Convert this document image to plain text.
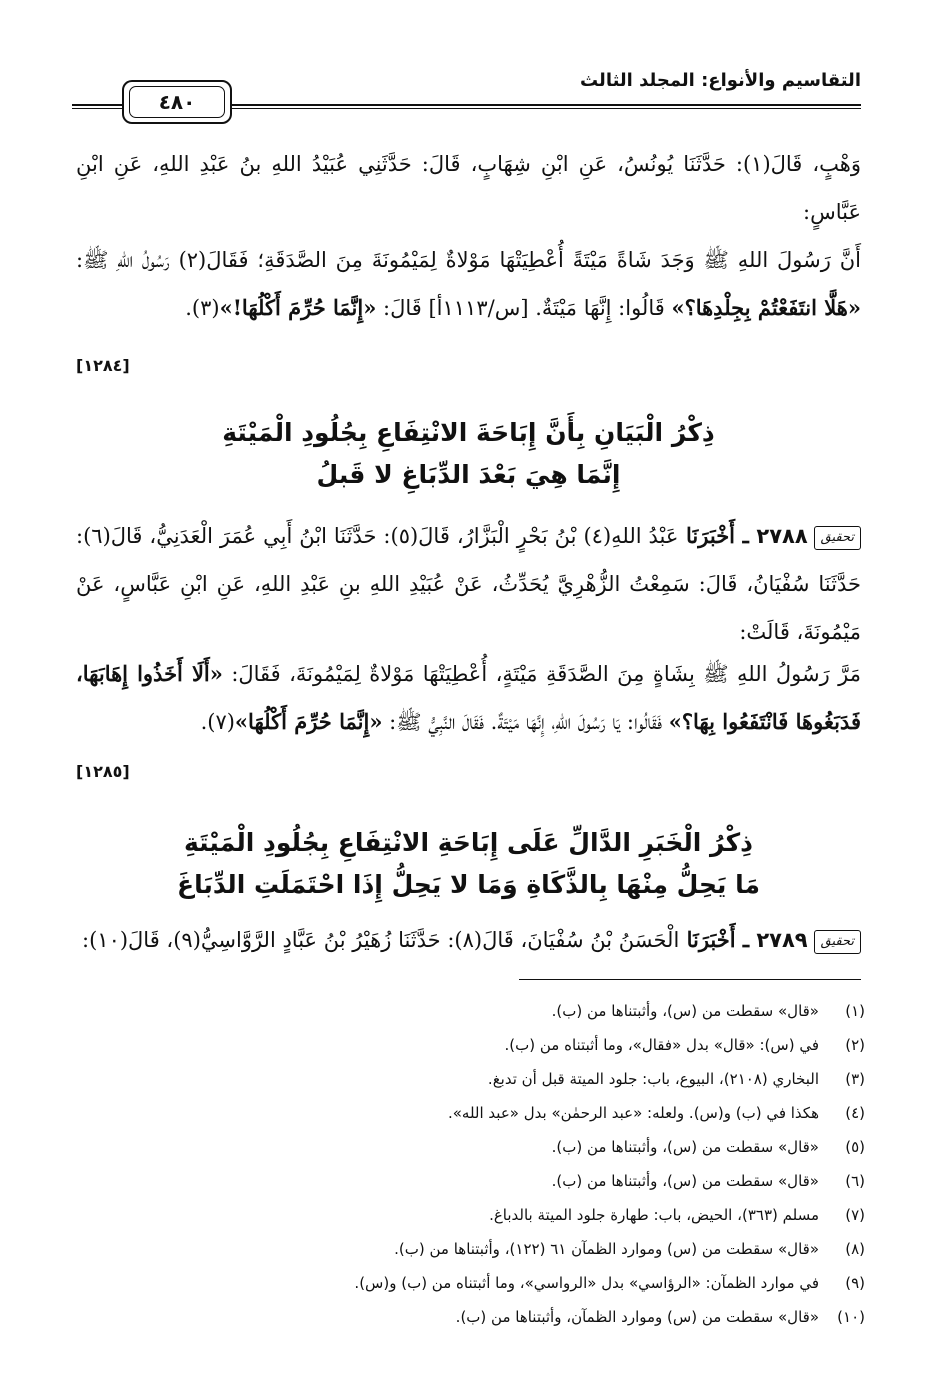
التقاسيم والأنواع: المجلد الثالث
٤٨٠
وَهْبٍ، قَالَ(١): حَدَّثَنَا يُونُسُ، عَنِ ابْنِ شِهَابٍ، قَالَ: حَدَّثَنِي عُبَيْدُ اللهِ بنُ عَبْدِ اللهِ، عَنِ ابْنِ عَبَّاسٍ:
أَنَّ رَسُولَ اللهِ ﷺ وَجَدَ شَاةً مَيْتَةً أُعْطِيَتْهَا مَوْلاةٌ لِمَيْمُونَةَ مِنَ الصَّدَقَةِ؛ فَقَالَ(٢) رَسُولُ اللهِ ﷺ: «هَلَّا انتَفَعْتُمْ بِجِلْدِهَا؟» قَالُوا: إِنَّهَا مَيْتَةٌ. [س/١١١٣أ] قَالَ: «إِنَّمَا حُرِّمَ أَكْلُهَا!»(٣).
[١٢٨٤]
ذِكْرُ الْبَيَانِ بِأَنَّ إِبَاحَةَ الانْتِفَاعِ بِجُلُودِ الْمَيْتَةِ
إِنَّمَا هِيَ بَعْدَ الدِّبَاغِ لا قَبلُ
تحقيق٢٧٨٨ ـ أَخْبَرَنَا عَبْدُ اللهِ(٤) بْنُ بَحْرٍ الْبَزَّارُ، قَالَ(٥): حَدَّثَنَا ابْنُ أَبِي عُمَرَ الْعَدَنِيُّ، قَالَ(٦): حَدَّثَنَا سُفْيَانُ، قَالَ: سَمِعْتُ الزُّهْرِيَّ يُحَدِّثُ، عَنْ عُبَيْدِ اللهِ بنِ عَبْدِ اللهِ، عَنِ ابْنِ عَبَّاسٍ، عَنْ مَيْمُونَةَ، قَالَتْ:
مَرَّ رَسُولُ اللهِ ﷺ بِشَاةٍ مِنَ الصَّدَقَةِ مَيْتَةٍ، أُعْطِيَتْهَا مَوْلاةٌ لِمَيْمُونَةَ، فَقَالَ: «أَلَا أَخَذُوا إِهَابَهَا، فَدَبَغُوهَا فَانْتَفَعُوا بِهَا؟» فَقَالُوا: يَا رَسُولَ اللهِ، إِنَّهَا مَيْتَةٌ. فَقَالَ النَّبِيُّ ﷺ: «إِنَّمَا حُرِّمَ أَكْلُهَا»(٧).
[١٢٨٥]
ذِكْرُ الْخَبَرِ الدَّالِّ عَلَى إِبَاحَةِ الانْتِفَاعِ بِجُلُودِ الْمَيْتَةِ
مَا يَحِلُّ مِنْهَا بِالذَّكَاةِ وَمَا لا يَحِلُّ إِذَا احْتَمَلَتِ الدِّبَاغَ
تحقيق٢٧٨٩ ـ أَخْبَرَنَا الْحَسَنُ بْنُ سُفْيَانَ، قَالَ(٨): حَدَّثَنَا زُهَيْرُ بْنُ عَبَّادٍ الرَّوَّاسِيُّ(٩)، قَالَ(١٠):
(١)«قال» سقطت من (س)، وأثبتناها من (ب).
(٢)في (س): «قال» بدل «فقال»، وما أثبتناه من (ب).
(٣)البخاري (٢١٠٨)، البيوع، باب: جلود الميتة قبل أن تدبغ.
(٤)هكذا في (ب) و(س). ولعله: «عبد الرحمٰن» بدل «عبد الله».
(٥)«قال» سقطت من (س)، وأثبتناها من (ب).
(٦)«قال» سقطت من (س)، وأثبتناها من (ب).
(٧)مسلم (٣٦٣)، الحيض، باب: طهارة جلود الميتة بالدباغ.
(٨)«قال» سقطت من (س) وموارد الظمآن ٦١ (١٢٢)، وأثبتناها من (ب).
(٩)في موارد الظمآن: «الرؤاسي» بدل «الرواسي»، وما أثبتناه من (ب) و(س).
(١٠)«قال» سقطت من (س) وموارد الظمآن، وأثبتناها من (ب).
